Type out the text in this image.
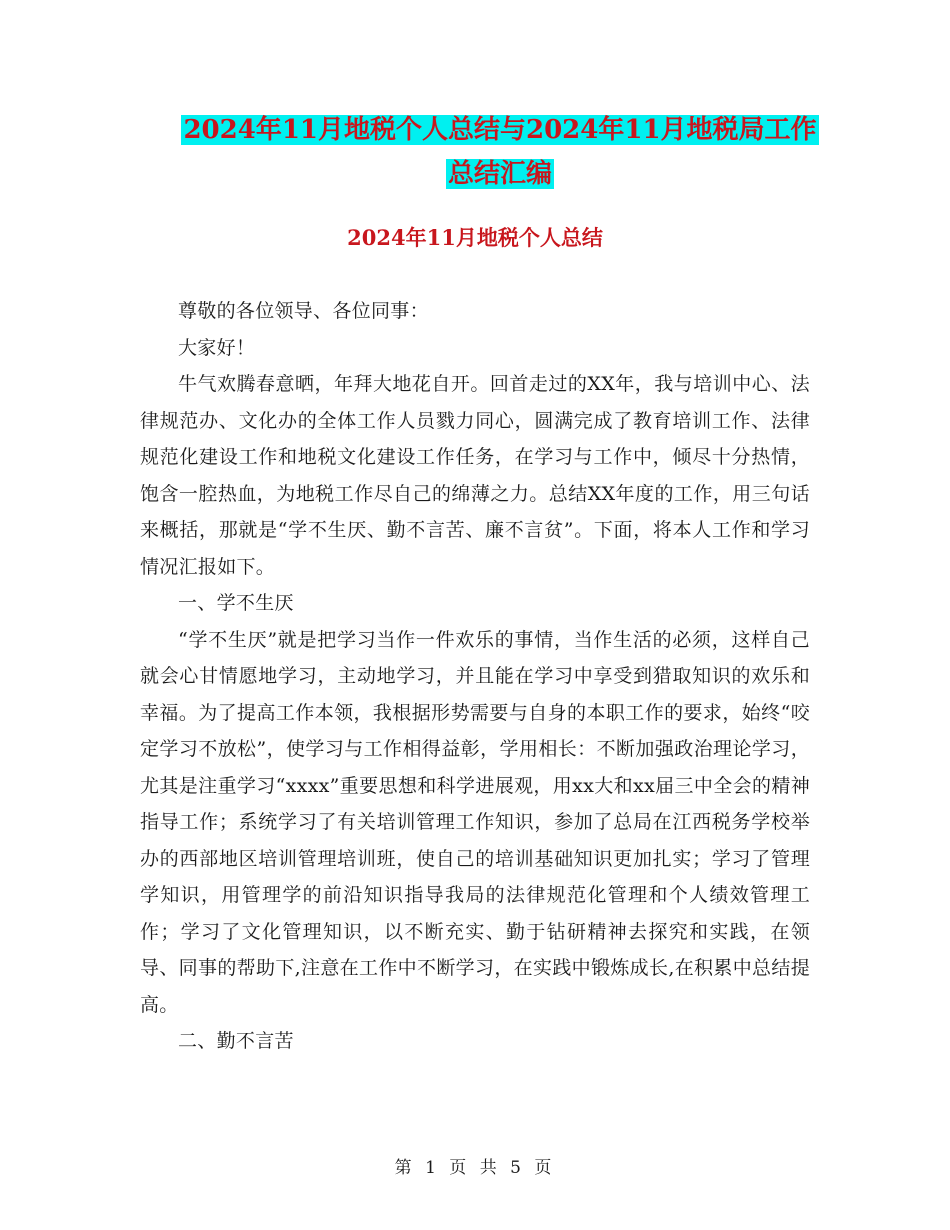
2024年11月地税个人总结与2024年11月地税局工作
总结汇编
2024年11月地税个人总结

尊敬的各位领导、各位同事：

大家好！

牛气欢腾春意晒，年拜大地花自开。回首走过的XX年，我与培训中心、法律规范办、文化办的全体工作人员戮力同心，圆满完成了教育培训工作、法律规范化建设工作和地税文化建设工作任务，在学习与工作中，倾尽十分热情，饱含一腔热血，为地税工作尽自己的绵薄之力。总结XX年度的工作，用三句话来概括，那就是“学不生厌、勤不言苦、廉不言贫”。下面，将本人工作和学习情况汇报如下。

一、学不生厌

“学不生厌”就是把学习当作一件欢乐的事情，当作生活的必须，这样自己就会心甘情愿地学习，主动地学习，并且能在学习中享受到猎取知识的欢乐和幸福。为了提高工作本领，我根据形势需要与自身的本职工作的要求，始终“咬定学习不放松”，使学习与工作相得益彰，学用相长：不断加强政治理论学习，尤其是注重学习“xxxx”重要思想和科学进展观，用xx大和xx届三中全会的精神指导工作；系统学习了有关培训管理工作知识，参加了总局在江西税务学校举办的西部地区培训管理培训班，使自己的培训基础知识更加扎实；学习了管理学知识，用管理学的前沿知识指导我局的法律规范化管理和个人绩效管理工作；学习了文化管理知识，以不断充实、勤于钻研精神去探究和实践，在领导、同事的帮助下,注意在工作中不断学习，在实践中锻炼成长,在积累中总结提高。

二、勤不言苦

第 1 页 共 5 页
